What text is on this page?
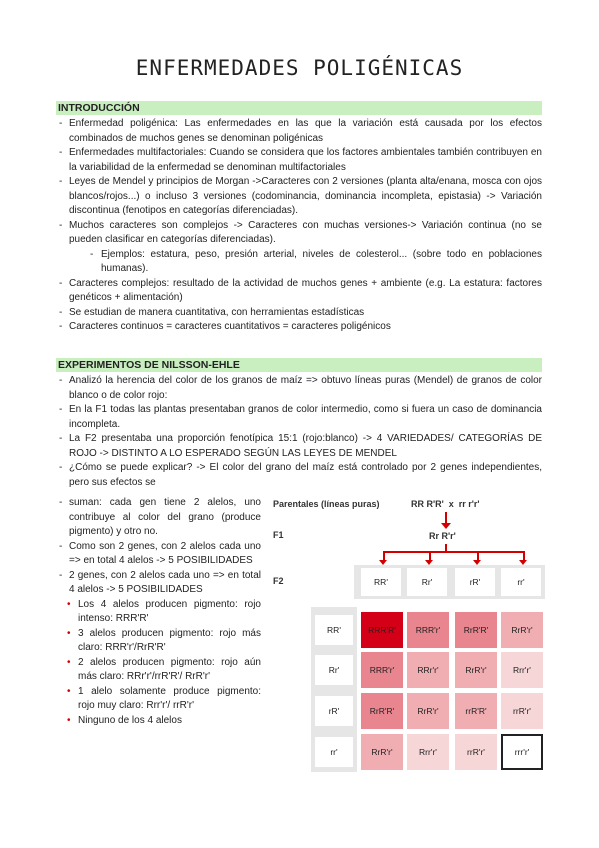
ENFERMEDADES POLIGÉNICAS
INTRODUCCIÓN
- Enfermedad poligénica: Las enfermedades en las que la variación está causada por los efectos combinados de muchos genes se denominan poligénicas
- Enfermedades multifactoriales: Cuando se considera que los factores ambientales también contribuyen en la variabilidad de la enfermedad se denominan multifactoriales
- Leyes de Mendel y principios de Morgan ->Caracteres con 2 versiones (planta alta/enana, mosca con ojos blancos/rojos...) o incluso 3 versiones (codominancia, dominancia incompleta, epistasia) -> Variación discontinua (fenotipos en categorías diferenciadas).
- Muchos caracteres son complejos -> Caracteres con muchas versiones-> Variación continua (no se pueden clasificar en categorías diferenciadas).
- Ejemplos: estatura, peso, presión arterial, niveles de colesterol... (sobre todo en poblaciones humanas).
- Caracteres complejos: resultado de la actividad de muchos genes + ambiente (e.g. La estatura: factores genéticos + alimentación)
- Se estudian de manera cuantitativa, con herramientas estadísticas
- Caracteres continuos = caracteres cuantitativos = caracteres poligénicos
EXPERIMENTOS DE NILSSON-EHLE
- Analizó la herencia del color de los granos de maíz => obtuvo líneas puras (Mendel) de granos de color blanco o de color rojo:
- En la F1 todas las plantas presentaban granos de color intermedio, como si fuera un caso de dominancia incompleta.
- La F2 presentaba una proporción fenotípica 15:1 (rojo:blanco) -> 4 VARIEDADES/ CATEGORÍAS DE ROJO -> DISTINTO A LO ESPERADO SEGÚN LAS LEYES DE MENDEL
- ¿Cómo se puede explicar? -> El color del grano del maíz está controlado por 2 genes independientes, pero sus efectos se
- suman: cada gen tiene 2 alelos, uno contribuye al color del grano (produce pigmento) y otro no.
- Como son 2 genes, con 2 alelos cada uno => en total 4 alelos -> 5 POSIBILIDADES
- 2 genes, con 2 alelos cada uno => en total 4 alelos -> 5 POSIBILIDADES
• Los 4 alelos producen pigmento: rojo intenso: RRR'R'
• 3 alelos producen pigmento: rojo más claro: RRR'r'/RrR'R'
• 2 alelos producen pigmento: rojo aún más claro: RRr'r'/rrR'R'/ RrR'r'
• 1 alelo solamente produce pigmento: rojo muy claro: Rrr'r'/ rrR'r'
• Ninguno de los 4 alelos
Parentales (líneas puras)	RR R'R'  x  rr r'r'
F1	Rr R'r'
F2	RR'	Rr'	rR'	rr'
RR'	RRR'R'	RRR'r'	RrR'R'	RrR'r'
Rr'	RRR'r'	RRr'r'	RrR'r'	Rrr'r'
rR'	RrR'R'	RrR'r'	rrR'R'	rrR'r'
rr'	RrR'r'	Rrr'r'	rrR'r'	rrr'r'
